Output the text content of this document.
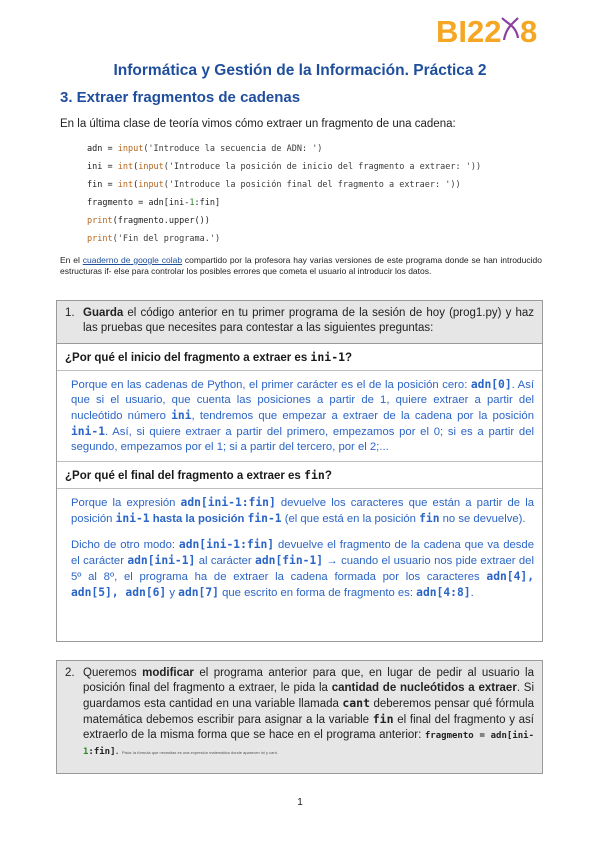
BI22 8
Informática y Gestión de la Información. Práctica 2
3. Extraer fragmentos de cadenas
En la última clase de teoría vimos cómo extraer un fragmento de una cadena:
adn = input('Introduce la secuencia de ADN: ')
ini = int(input('Introduce la posición de inicio del fragmento a extraer: '))
fin = int(input('Introduce la posición final del fragmento a extraer: '))
fragmento = adn[ini-1:fin]
print(fragmento.upper())
print('Fin del programa.')
En el cuaderno de google colab compartido por la profesora hay varias versiones de este programa donde se han introducido estructuras if- else para controlar los posibles errores que cometa el usuario al introducir los datos.
1. Guarda el código anterior en tu primer programa de la sesión de hoy (prog1.py) y haz las pruebas que necesites para contestar a las siguientes preguntas:
¿Por qué el inicio del fragmento a extraer es ini-1?
Porque en las cadenas de Python, el primer carácter es el de la posición cero: adn[0]. Así que si el usuario, que cuenta las posiciones a partir de 1, quiere extraer a partir del nucleótido número ini, tendremos que empezar a extraer de la cadena por la posición ini-1. Así, si quiere extraer a partir del primero, empezamos por el 0; si es a partir del segundo, empezamos por el 1; si a partir del tercero, por el 2;...
¿Por qué el final del fragmento a extraer es fin?
Porque la expresión adn[ini-1:fin] devuelve los caracteres que están a partir de la posición ini-1 hasta la posición fin-1 (el que está en la posición fin no se devuelve).
Dicho de otro modo: adn[ini-1:fin] devuelve el fragmento de la cadena que va desde el carácter adn[ini-1] al carácter adn[fin-1] → cuando el usuario nos pide extraer del 5º al 8º, el programa ha de extraer la cadena formada por los caracteres adn[4], adn[5], adn[6] y adn[7] que escrito en forma de fragmento es: adn[4:8].
2. Queremos modificar el programa anterior para que, en lugar de pedir al usuario la posición final del fragmento a extraer, le pida la cantidad de nucleótidos a extraer. Si guardamos esta cantidad en una variable llamada cant deberemos pensar qué fórmula matemática debemos escribir para asignar a la variable fin el final del fragmento y así extraerlo de la misma forma que se hace en el programa anterior: fragmento = adn[ini-1:fin]. Pista: la fórmula que necesitas es una expresión matemática donde aparecen ini y cant.
1
